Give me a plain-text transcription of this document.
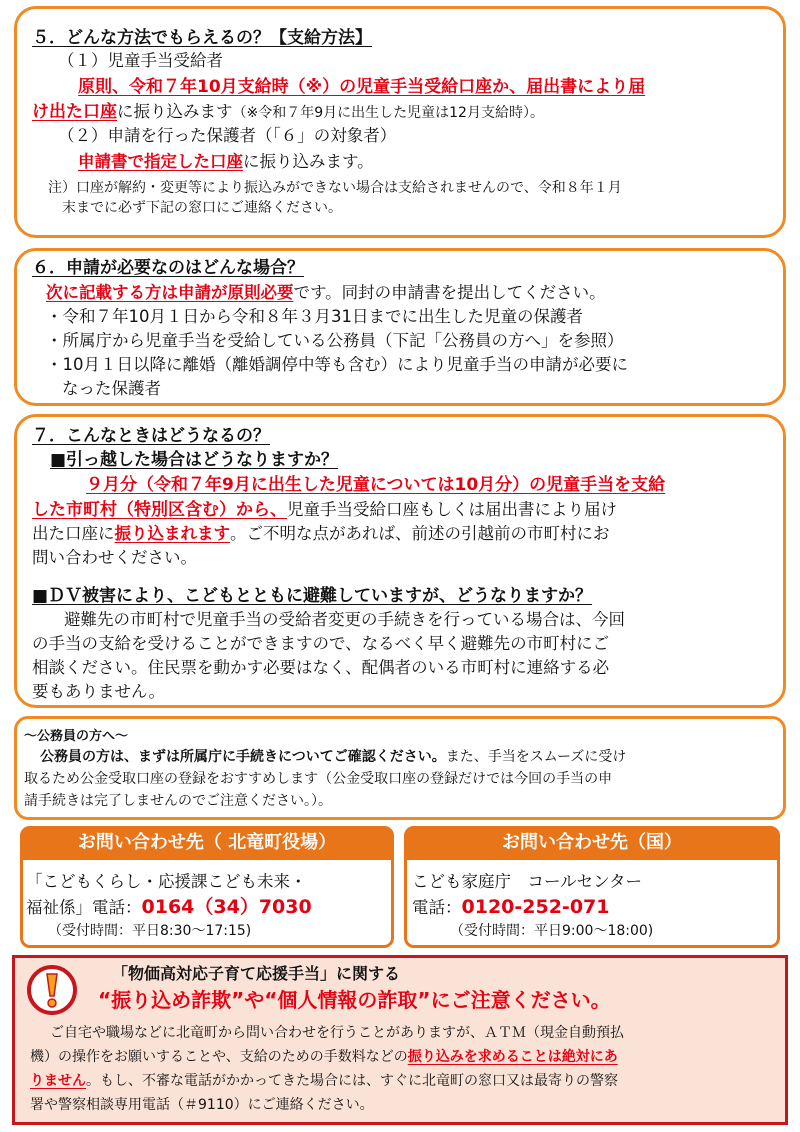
５．どんな方法でもらえるの？【支給方法】
（１）児童手当受給者
原則、令和７年10月支給時（※）の児童手当受給口座か、届出書により届
け出た口座に振り込みます（※令和７年9月に出生した児童は12月支給時）。
（２）申請を行った保護者（「６」の対象者）
申請書で指定した口座に振り込みます。
注）口座が解約・変更等により振込みができない場合は支給されませんので、令和８年１月
末までに必ず下記の窓口にご連絡ください。
６．申請が必要なのはどんな場合？
次に記載する方は申請が原則必要です。同封の申請書を提出してください。
・令和７年10月１日から令和８年３月31日までに出生した児童の保護者
・所属庁から児童手当を受給している公務員（下記「公務員の方へ」を参照）
・10月１日以降に離婚（離婚調停中等も含む）により児童手当の申請が必要に
なった保護者
７．こんなときはどうなるの？
■引っ越した場合はどうなりますか？
９月分（令和７年9月に出生した児童については10月分）の児童手当を支給
した市町村（特別区含む）から、児童手当受給口座もしくは届出書により届け
出た口座に振り込まれます。ご不明な点があれば、前述の引越前の市町村にお
問い合わせください。
■ＤＶ被害により、こどもとともに避難していますが、どうなりますか？
避難先の市町村で児童手当の受給者変更の手続きを行っている場合は、今回
の手当の支給を受けることができますので、なるべく早く避難先の市町村にご
相談ください。住民票を動かす必要はなく、配偶者のいる市町村に連絡する必
要もありません。
～公務員の方へ～
公務員の方は、まずは所属庁に手続きについてご確認ください。また、手当をスムーズに受け
取るため公金受取口座の登録をおすすめします（公金受取口座の登録だけでは今回の手当の申
請手続きは完了しませんのでご注意ください。）。
お問い合わせ先（ 北竜町役場）
「こどもくらし・応援課こども未来・
福祉係」電話：0164（34）7030
（受付時間：平日8:30～17:15)
お問い合わせ先（国）
こども家庭庁　コールセンター
電話：0120-252-071
（受付時間：平日9:00～18:00)
「物価高対応子育て応援手当」に関する
“振り込め詐欺”や“個人情報の詐取”にご注意ください。
ご自宅や職場などに北竜町から問い合わせを行うことがありますが、ＡＴＭ（現金自動預払
機）の操作をお願いすることや、支給のための手数料などの振り込みを求めることは絶対にあ
りません。もし、不審な電話がかかってきた場合には、すぐに北竜町の窓口又は最寄りの警察
署や警察相談専用電話（＃9110）にご連絡ください。
